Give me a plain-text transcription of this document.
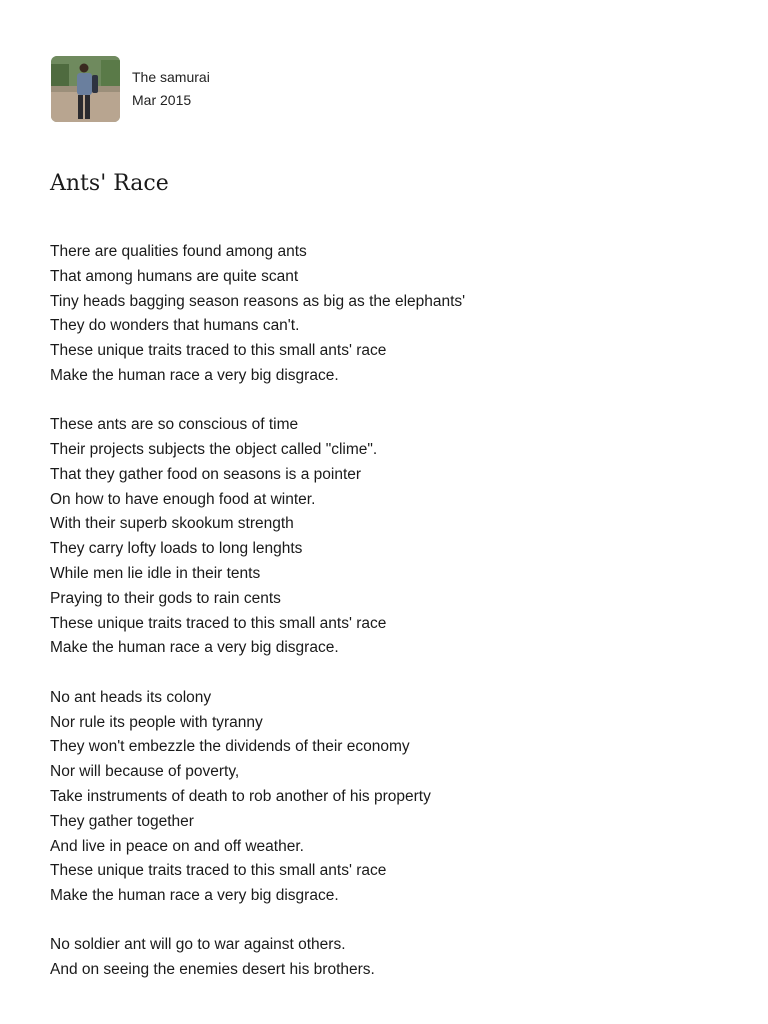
The samurai
Mar 2015
Ants' Race
There are qualities found among ants
That among humans are quite scant
Tiny heads bagging season reasons as big as the elephants'
They do wonders that humans can't.
These unique traits traced to this small ants' race
Make the human race a very big disgrace.
These ants are so conscious of time
Their projects subjects the object called "clime".
That they gather food on seasons is a pointer
On how to have enough food at winter.
With their superb skookum strength
They carry lofty loads to long lenghts
While men lie idle in their tents
Praying to their gods to rain cents
These unique traits traced to this small ants' race
Make the human race a very big disgrace.
No ant heads its colony
Nor rule its people with tyranny
They won't embezzle the dividends of their economy
Nor will because of poverty,
Take instruments of death to rob another of his property
They gather together
And live in peace on and off weather.
These unique traits traced to this small ants' race
Make the human race a very big disgrace.
No soldier ant will go to war against others.
And on seeing the enemies desert his brothers.
